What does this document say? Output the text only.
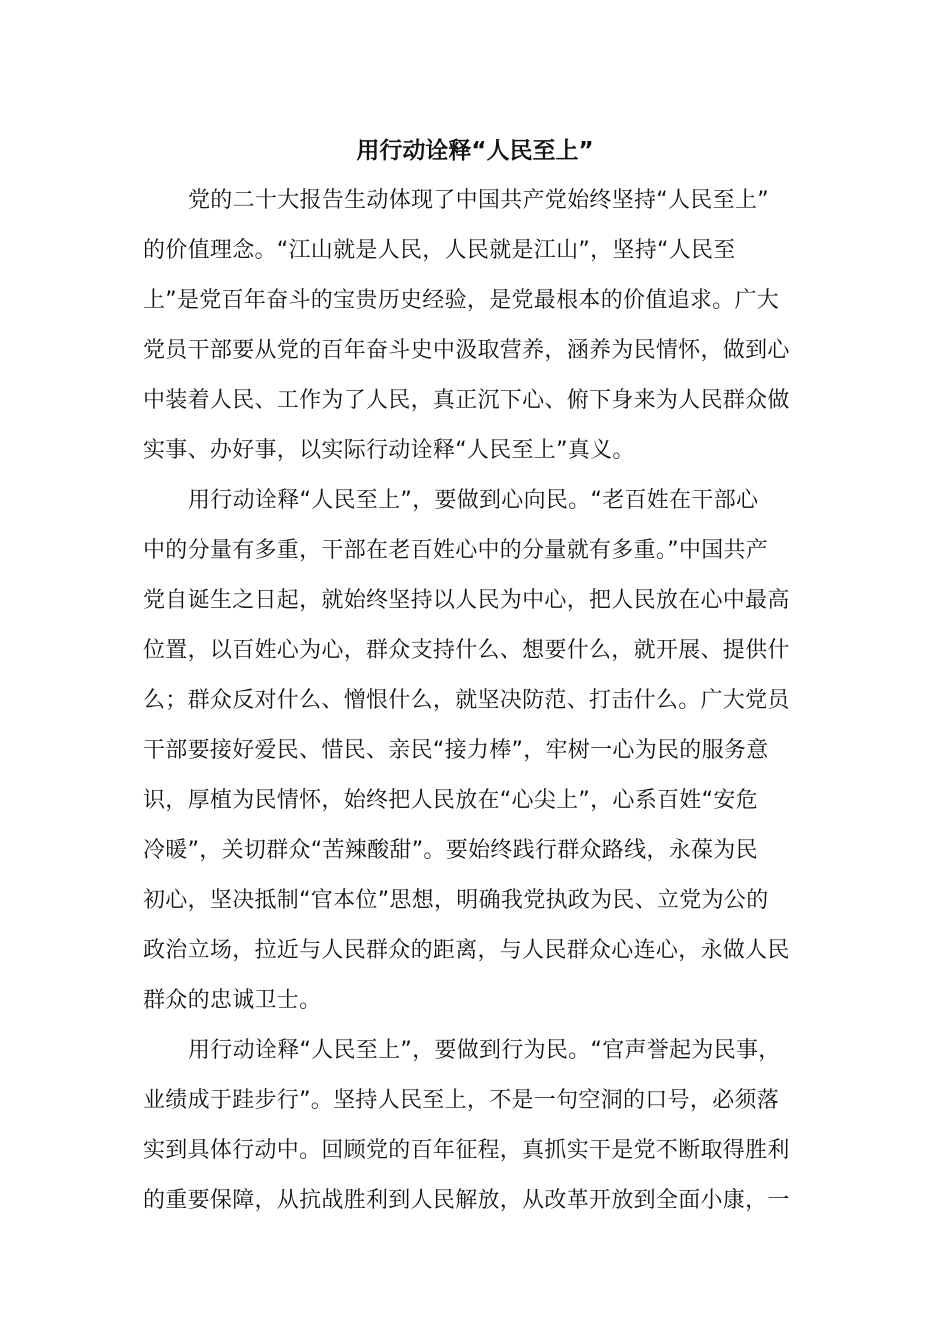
用行动诠释“人民至上”
党的二十大报告生动体现了中国共产党始终坚持“人民至上”
的价值理念。“江山就是人民，人民就是江山”，坚持“人民至
上”是党百年奋斗的宝贵历史经验，是党最根本的价值追求。广大
党员干部要从党的百年奋斗史中汲取营养，涵养为民情怀，做到心
中装着人民、工作为了人民，真正沉下心、俯下身来为人民群众做
实事、办好事，以实际行动诠释“人民至上”真义。
用行动诠释“人民至上”，要做到心向民。“老百姓在干部心
中的分量有多重，干部在老百姓心中的分量就有多重。”中国共产
党自诞生之日起，就始终坚持以人民为中心，把人民放在心中最高
位置，以百姓心为心，群众支持什么、想要什么，就开展、提供什
么；群众反对什么、憎恨什么，就坚决防范、打击什么。广大党员
干部要接好爱民、惜民、亲民“接力棒”，牢树一心为民的服务意
识，厚植为民情怀，始终把人民放在“心尖上”，心系百姓“安危
冷暖”，关切群众“苦辣酸甜”。要始终践行群众路线，永葆为民
初心，坚决抵制“官本位”思想，明确我党执政为民、立党为公的
政治立场，拉近与人民群众的距离，与人民群众心连心，永做人民
群众的忠诚卫士。
用行动诠释“人民至上”，要做到行为民。“官声誉起为民事，
业绩成于跬步行”。坚持人民至上，不是一句空洞的口号，必须落
实到具体行动中。回顾党的百年征程，真抓实干是党不断取得胜利
的重要保障，从抗战胜利到人民解放，从改革开放到全面小康，一
